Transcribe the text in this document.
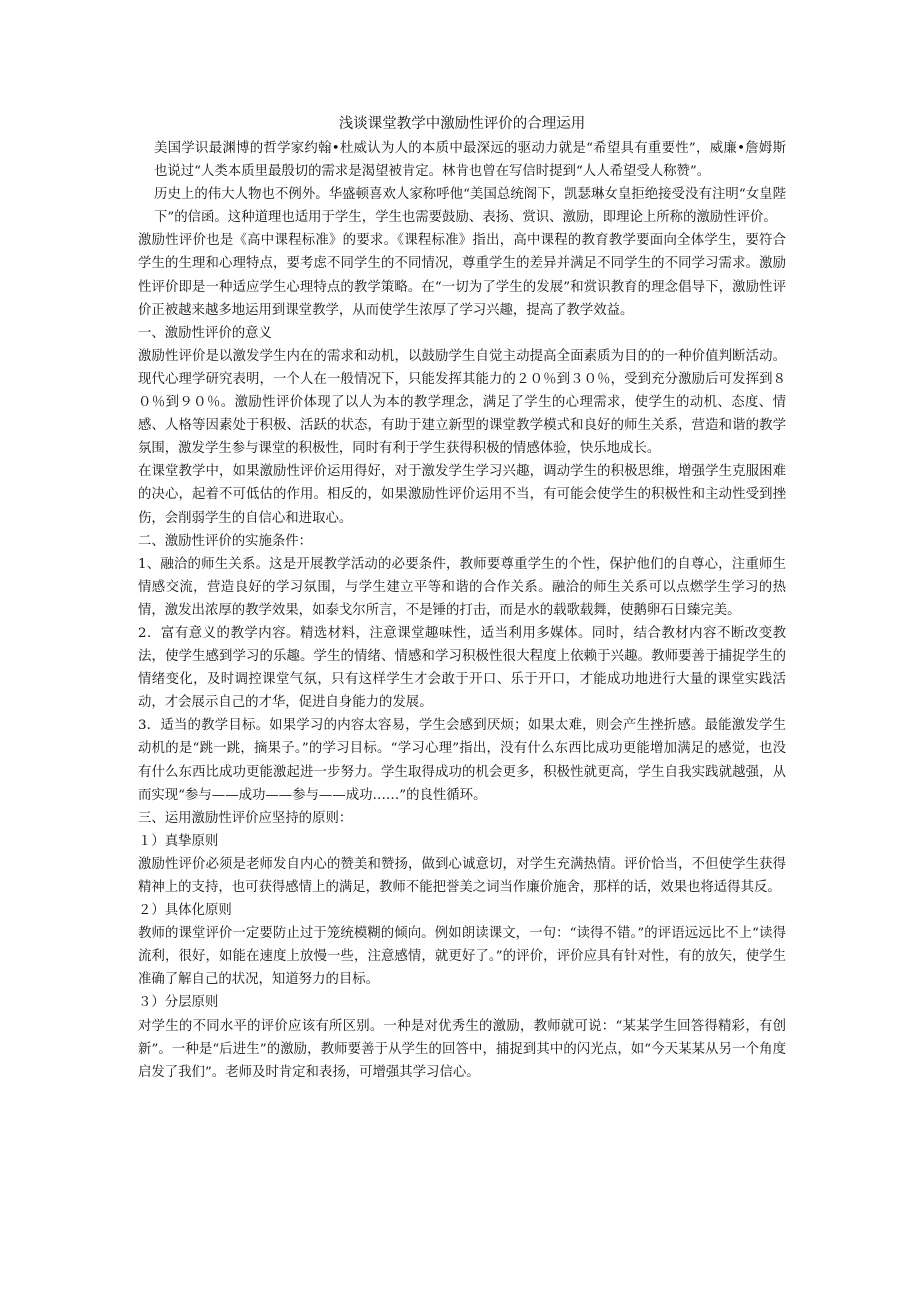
浅谈课堂教学中激励性评价的合理运用

美国学识最渊博的哲学家约翰•杜威认为人的本质中最深远的驱动力就是“希望具有重要性”，威廉•詹姆斯也说过“人类本质里最殷切的需求是渴望被肯定。林肯也曾在写信时提到“人人希望受人称赞”。

历史上的伟大人物也不例外。华盛顿喜欢人家称呼他“美国总统阁下，凯瑟琳女皇拒绝接受没有注明“女皇陛下”的信函。这种道理也适用于学生，学生也需要鼓励、表扬、赏识、激励，即理论上所称的激励性评价。

激励性评价也是《高中课程标准》的要求。《课程标准》指出，高中课程的教育教学要面向全体学生，要符合学生的生理和心理特点，要考虑不同学生的不同情况，尊重学生的差异并满足不同学生的不同学习需求。激励性评价即是一种适应学生心理特点的教学策略。在“一切为了学生的发展”和赏识教育的理念倡导下，激励性评价正被越来越多地运用到课堂教学，从而使学生浓厚了学习兴趣，提高了教学效益。

一、激励性评价的意义

激励性评价是以激发学生内在的需求和动机，以鼓励学生自觉主动提高全面素质为目的的一种价值判断活动。现代心理学研究表明，一个人在一般情况下，只能发挥其能力的２０％到３０％，受到充分激励后可发挥到８０％到９０％。激励性评价体现了以人为本的教学理念，满足了学生的心理需求，使学生的动机、态度、情感、人格等因素处于积极、活跃的状态，有助于建立新型的课堂教学模式和良好的师生关系，营造和谐的教学氛围，激发学生参与课堂的积极性，同时有利于学生获得积极的情感体验，快乐地成长。

在课堂教学中，如果激励性评价运用得好，对于激发学生学习兴趣，调动学生的积极思维，增强学生克服困难的决心，起着不可低估的作用。相反的，如果激励性评价运用不当，有可能会使学生的积极性和主动性受到挫伤，会削弱学生的自信心和进取心。

二、激励性评价的实施条件：

1、融洽的师生关系。这是开展教学活动的必要条件，教师要尊重学生的个性，保护他们的自尊心，注重师生情感交流，营造良好的学习氛围，与学生建立平等和谐的合作关系。融洽的师生关系可以点燃学生学习的热情，激发出浓厚的教学效果，如泰戈尔所言，不是锤的打击，而是水的载歌载舞，使鹅卵石日臻完美。

2．富有意义的教学内容。精选材料，注意课堂趣味性，适当利用多媒体。同时，结合教材内容不断改变教法，使学生感到学习的乐趣。学生的情绪、情感和学习积极性很大程度上依赖于兴趣。教师要善于捕捉学生的情绪变化，及时调控课堂气氛，只有这样学生才会敢于开口、乐于开口，才能成功地进行大量的课堂实践活动，才会展示自己的才华，促进自身能力的发展。

3．适当的教学目标。如果学习的内容太容易，学生会感到厌烦；如果太难，则会产生挫折感。最能激发学生动机的是“跳一跳，摘果子。”的学习目标。“学习心理”指出，没有什么东西比成功更能增加满足的感觉，也没有什么东西比成功更能激起进一步努力。学生取得成功的机会更多，积极性就更高，学生自我实践就越强，从而实现“参与——成功——参与——成功……”的良性循环。

三、运用激励性评价应坚持的原则：

１）真挚原则

激励性评价必须是老师发自内心的赞美和赞扬，做到心诚意切，对学生充满热情。评价恰当，不但使学生获得精神上的支持，也可获得感情上的满足，教师不能把誉美之词当作廉价施舍，那样的话，效果也将适得其反。

２）具体化原则

教师的课堂评价一定要防止过于笼统模糊的倾向。例如朗读课文，一句：“读得不错。”的评语远远比不上“读得流利，很好，如能在速度上放慢一些，注意感情，就更好了。”的评价，评价应具有针对性，有的放矢，使学生准确了解自己的状况，知道努力的目标。

３）分层原则

对学生的不同水平的评价应该有所区别。一种是对优秀生的激励，教师就可说：“某某学生回答得精彩，有创新”。一种是“后进生”的激励，教师要善于从学生的回答中，捕捉到其中的闪光点，如“今天某某从另一个角度启发了我们”。老师及时肯定和表扬，可增强其学习信心。
